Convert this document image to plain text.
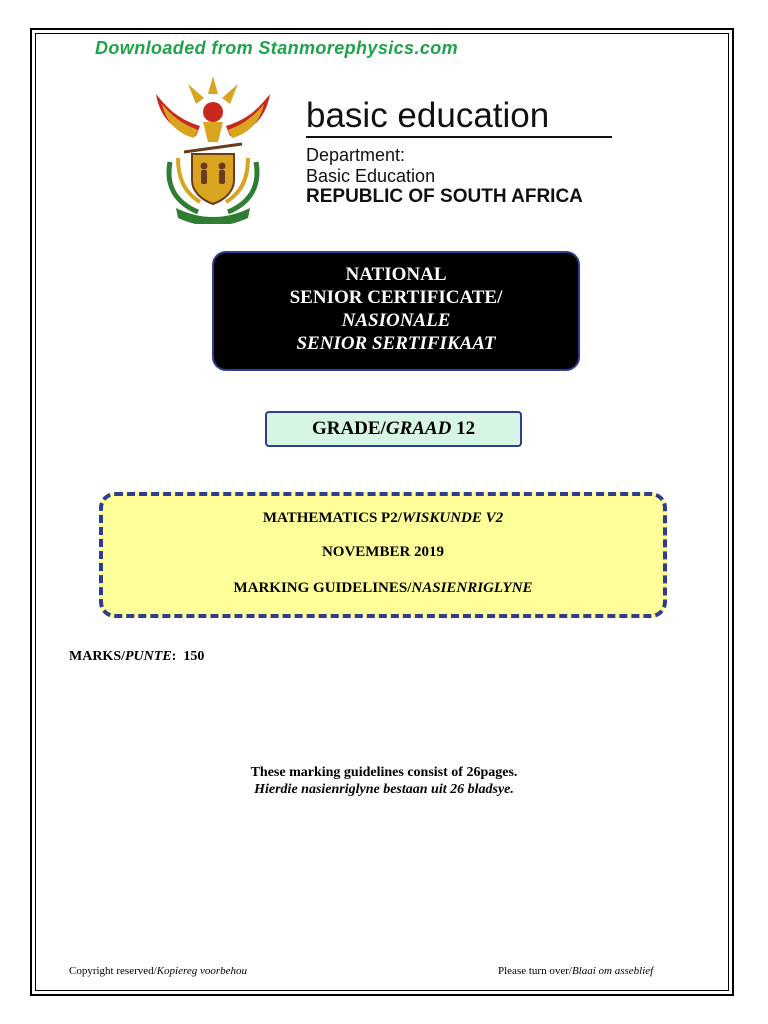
Downloaded from Stanmorephysics.com
basic education
Department:
Basic Education
REPUBLIC OF SOUTH AFRICA
NATIONAL
SENIOR CERTIFICATE/
NASIONALE
SENIOR SERTIFIKAAT
GRADE/GRAAD 12
MATHEMATICS P2/WISKUNDE V2
NOVEMBER 2019
MARKING GUIDELINES/NASIENRIGLYNE
MARKS/PUNTE:  150
These marking guidelines consist of 26pages.
Hierdie nasienriglyne bestaan uit 26 bladsye.
Copyright reserved/Kopiereg voorbehou	Please turn over/Blaai om asseblief
